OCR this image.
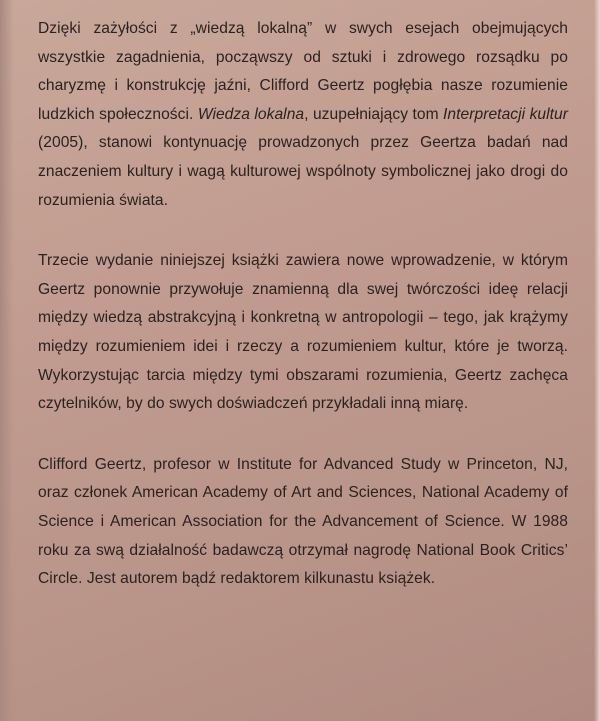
Dzięki zażyłości z „wiedzą lokalną” w swych esejach obejmujących wszystkie zagadnienia, począwszy od sztuki i zdrowego rozsądku po charyzmę i konstrukcję jaźni, Clifford Geertz pogłębia nasze rozumienie ludzkich społeczności. Wiedza lokalna, uzupełniający tom Interpretacji kultur (2005), stanowi kontynuację prowadzonych przez Geertza badań nad znaczeniem kultury i wagą kulturowej wspólnoty symbolicznej jako drogi do rozumienia świata.

Trzecie wydanie niniejszej książki zawiera nowe wprowadzenie, w którym Geertz ponownie przywołuje znamienną dla swej twórczości ideę relacji między wiedzą abstrakcyjną i konkretną w antropologii – tego, jak krążymy między rozumieniem idei i rzeczy a rozumieniem kultur, które je tworzą. Wykorzystując tarcia między tymi obszarami rozumienia, Geertz zachęca czytelników, by do swych doświadczeń przykładali inną miarę.

Clifford Geertz, profesor w Institute for Advanced Study w Princeton, NJ, oraz członek American Academy of Art and Sciences, National Academy of Science i American Association for the Advancement of Science. W 1988 roku za swą działalność badawczą otrzymał nagrodę National Book Critics’ Circle. Jest autorem bądź redaktorem kilkunastu książek.
